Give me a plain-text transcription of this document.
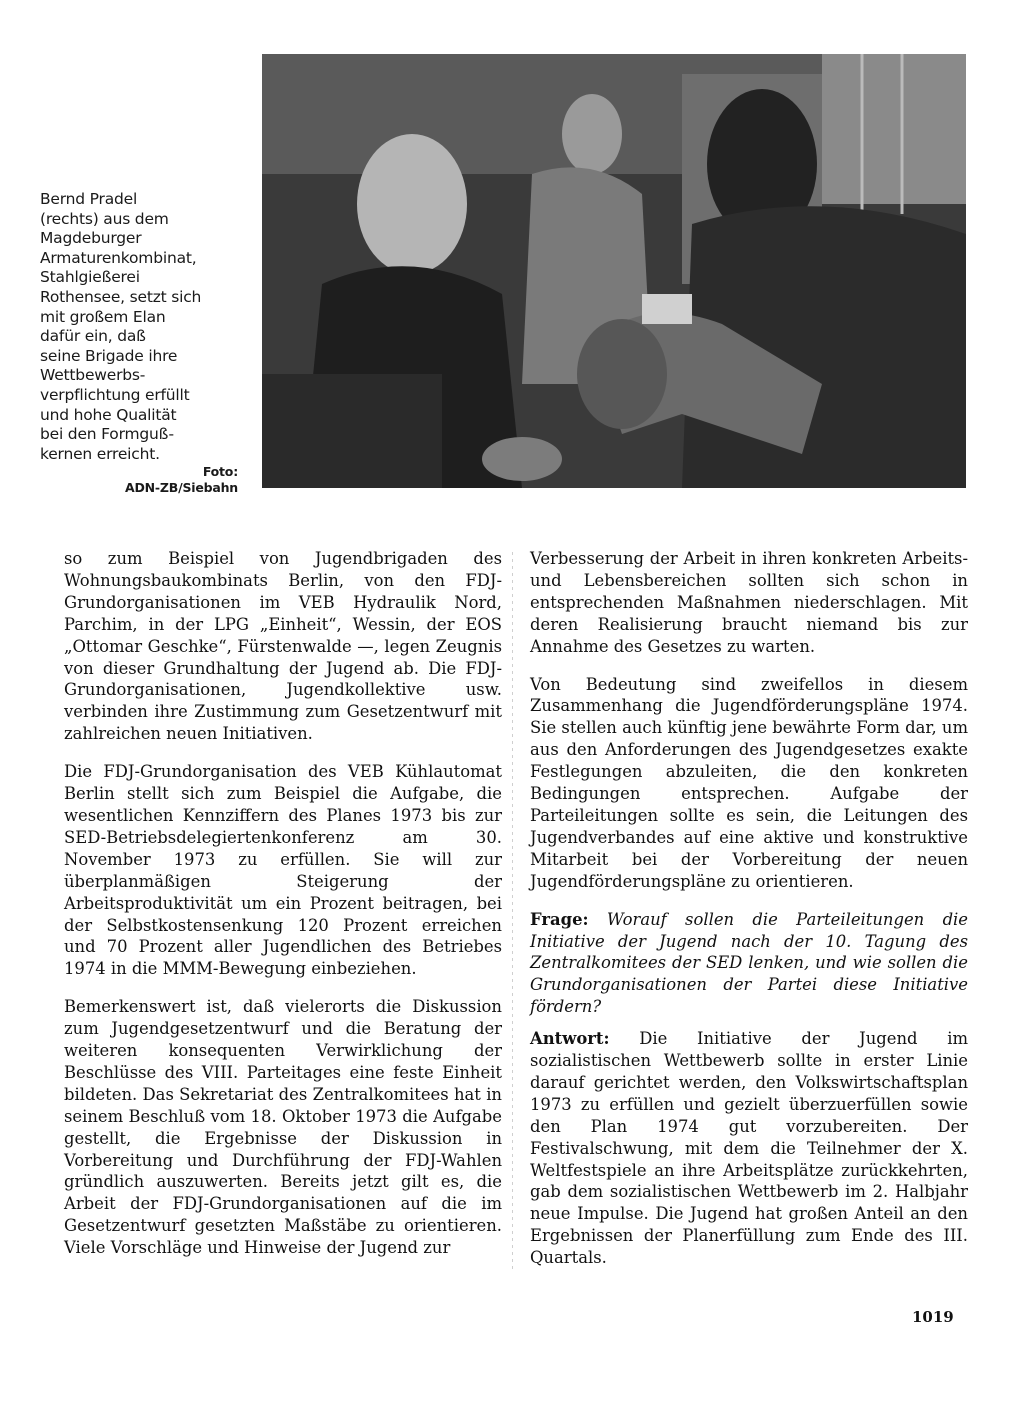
Bernd Pradel
(rechts) aus dem
Magdeburger
Armaturenkombinat,
Stahlgießerei
Rothensee, setzt sich
mit großem Elan
dafür ein, daß
seine Brigade ihre
Wettbewerbs-
verpflichtung erfüllt
und hohe Qualität
bei den Formguß-
kernen erreicht.
Foto:
ADN-ZB/Siebahn

so zum Beispiel von Jugendbrigaden des Wohnungsbaukombinats Berlin, von den FDJ-Grundorganisationen im VEB Hydraulik Nord, Parchim, in der LPG „Einheit“, Wessin, der EOS „Ottomar Geschke“, Fürstenwalde —, legen Zeugnis von dieser Grundhaltung der Jugend ab. Die FDJ-Grundorganisationen, Jugendkollektive usw. verbinden ihre Zustimmung zum Gesetzentwurf mit zahlreichen neuen Initiativen.

Die FDJ-Grundorganisation des VEB Kühlautomat Berlin stellt sich zum Beispiel die Aufgabe, die wesentlichen Kennziffern des Planes 1973 bis zur SED-Betriebsdelegiertenkonferenz am 30. November 1973 zu erfüllen. Sie will zur überplanmäßigen Steigerung der Arbeitsproduktivität um ein Prozent beitragen, bei der Selbstkostensenkung 120 Prozent erreichen und 70 Prozent aller Jugendlichen des Betriebes 1974 in die MMM-Bewegung einbeziehen.

Bemerkenswert ist, daß vielerorts die Diskussion zum Jugendgesetzentwurf und die Beratung der weiteren konsequenten Verwirklichung der Beschlüsse des VIII. Parteitages eine feste Einheit bildeten. Das Sekretariat des Zentralkomitees hat in seinem Beschluß vom 18. Oktober 1973 die Aufgabe gestellt, die Ergebnisse der Diskussion in Vorbereitung und Durchführung der FDJ-Wahlen gründlich auszuwerten. Bereits jetzt gilt es, die Arbeit der FDJ-Grundorganisationen auf die im Gesetzentwurf gesetzten Maßstäbe zu orientieren. Viele Vorschläge und Hinweise der Jugend zur

Verbesserung der Arbeit in ihren konkreten Arbeits- und Lebensbereichen sollten sich schon in entsprechenden Maßnahmen niederschlagen. Mit deren Realisierung braucht niemand bis zur Annahme des Gesetzes zu warten.

Von Bedeutung sind zweifellos in diesem Zusammenhang die Jugendförderungspläne 1974. Sie stellen auch künftig jene bewährte Form dar, um aus den Anforderungen des Jugendgesetzes exakte Festlegungen abzuleiten, die den konkreten Bedingungen entsprechen. Aufgabe der Parteileitungen sollte es sein, die Leitungen des Jugendverbandes auf eine aktive und konstruktive Mitarbeit bei der Vorbereitung der neuen Jugendförderungspläne zu orientieren.

Frage: Worauf sollen die Parteileitungen die Initiative der Jugend nach der 10. Tagung des Zentralkomitees der SED lenken, und wie sollen die Grundorganisationen der Partei diese Initiative fördern?

Antwort: Die Initiative der Jugend im sozialistischen Wettbewerb sollte in erster Linie darauf gerichtet werden, den Volkswirtschaftsplan 1973 zu erfüllen und gezielt überzuerfüllen sowie den Plan 1974 gut vorzubereiten. Der Festivalschwung, mit dem die Teilnehmer der X. Weltfestspiele an ihre Arbeitsplätze zurückkehrten, gab dem sozialistischen Wettbewerb im 2. Halbjahr neue Impulse. Die Jugend hat großen Anteil an den Ergebnissen der Planerfüllung zum Ende des III. Quartals.

1019
